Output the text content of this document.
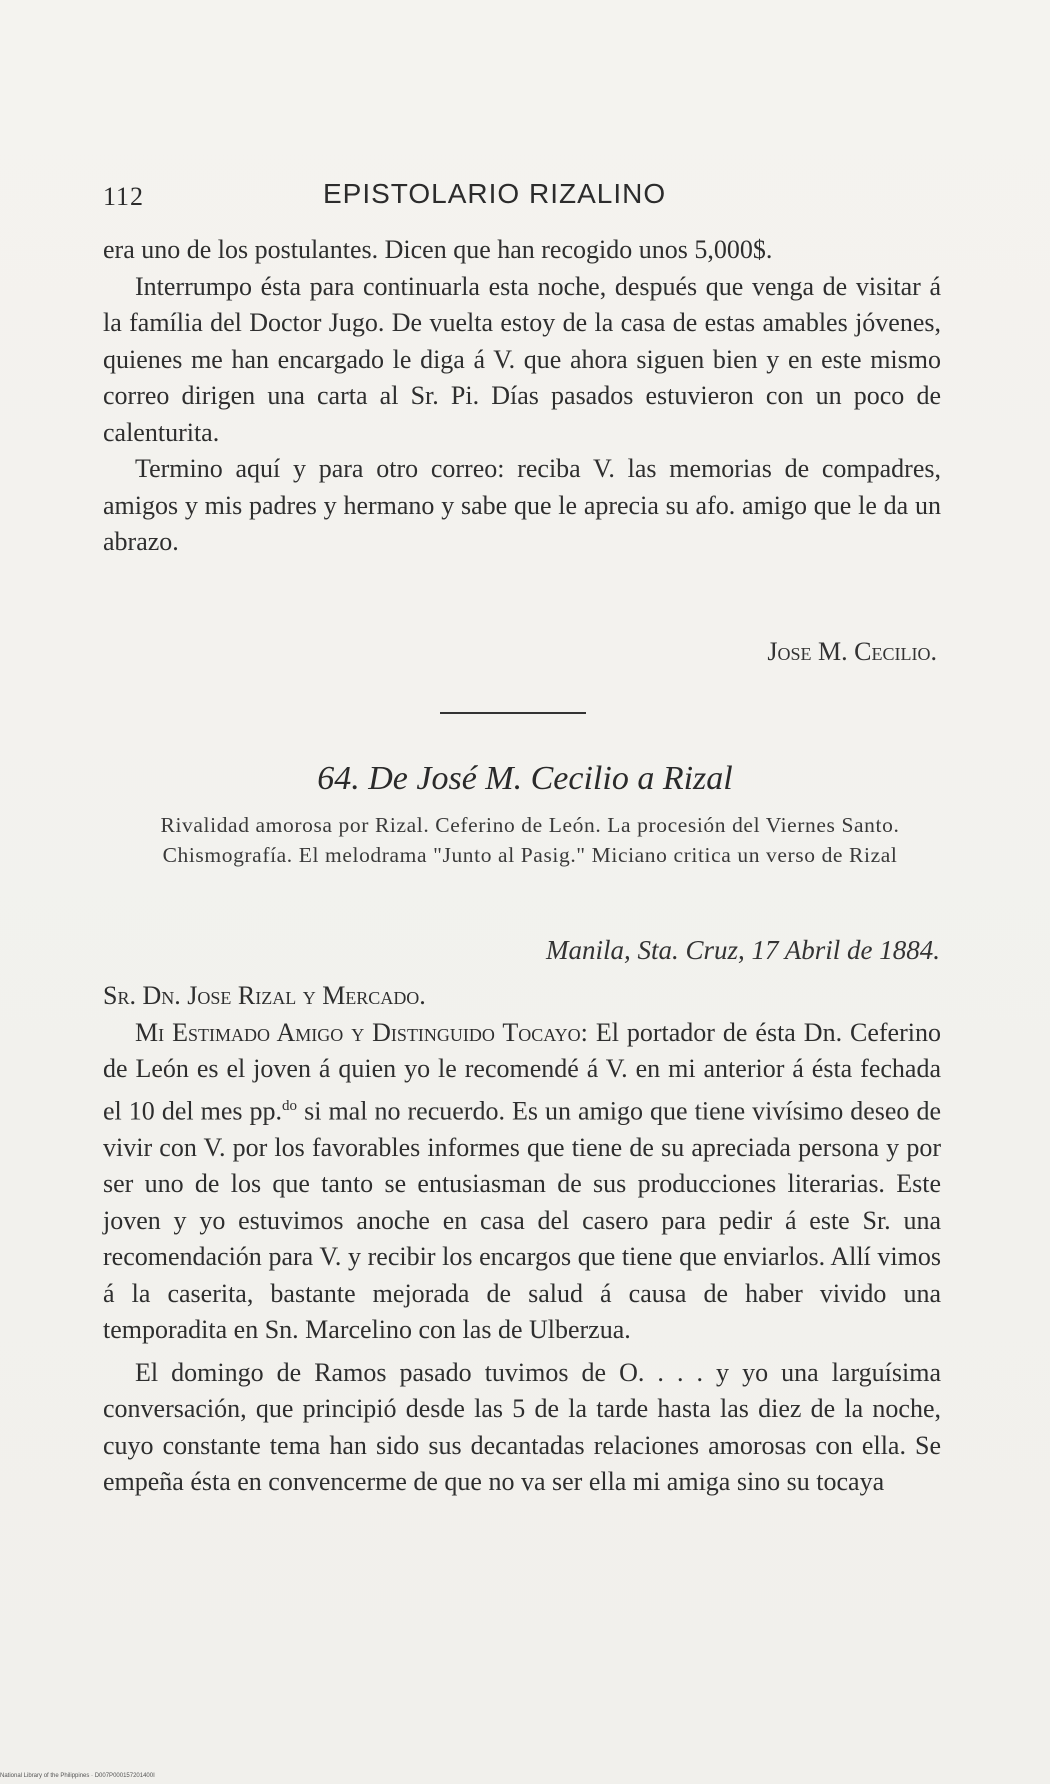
112	EPISTOLARIO RIZALINO

era uno de los postulantes. Dicen que han recogido unos 5,000$.

Interrumpo ésta para continuarla esta noche, después que venga de visitar á la família del Doctor Jugo. De vuelta estoy de la casa de estas amables jóvenes, quienes me han encargado le diga á V. que ahora siguen bien y en este mismo correo dirigen una carta al Sr. Pi. Días pasados estuvieron con un poco de calenturita.

Termino aquí y para otro correo: reciba V. las memorias de compadres, amigos y mis padres y hermano y sabe que le aprecia su afo. amigo que le da un abrazo.

Jose M. Cecilio.
64. De José M. Cecilio a Rizal
Rivalidad amorosa por Rizal. Ceferino de León. La procesión del Viernes Santo. Chismografía. El melodrama "Junto al Pasig." Miciano critica un verso de Rizal
Manila, Sta. Cruz, 17 Abril de 1884.

Sr. Dn. Jose Rizal y Mercado.

Mi Estimado Amigo y Distinguido Tocayo: El portador de ésta Dn. Ceferino de León es el joven á quien yo le recomendé á V. en mi anterior á ésta fechada el 10 del mes pp.$^{do}$ si mal no recuerdo. Es un amigo que tiene vivísimo deseo de vivir con V. por los favorables informes que tiene de su apreciada persona y por ser uno de los que tanto se entusiasman de sus producciones literarias. Este joven y yo estuvimos anoche en casa del casero para pedir á este Sr. una recomendación para V. y recibir los encargos que tiene que enviarlos. Allí vimos á la caserita, bastante mejorada de salud á causa de haber vivido una temporadita en Sn. Marcelino con las de Ulberzua.

El domingo de Ramos pasado tuvimos de O. . . . y yo una larguísima conversación, que principió desde las 5 de la tarde hasta las diez de la noche, cuyo constante tema han sido sus decantadas relaciones amorosas con ella. Se empeña ésta en convencerme de que no va ser ella mi amiga sino su tocaya

National Library of the Philippines · D007P000157201400I
